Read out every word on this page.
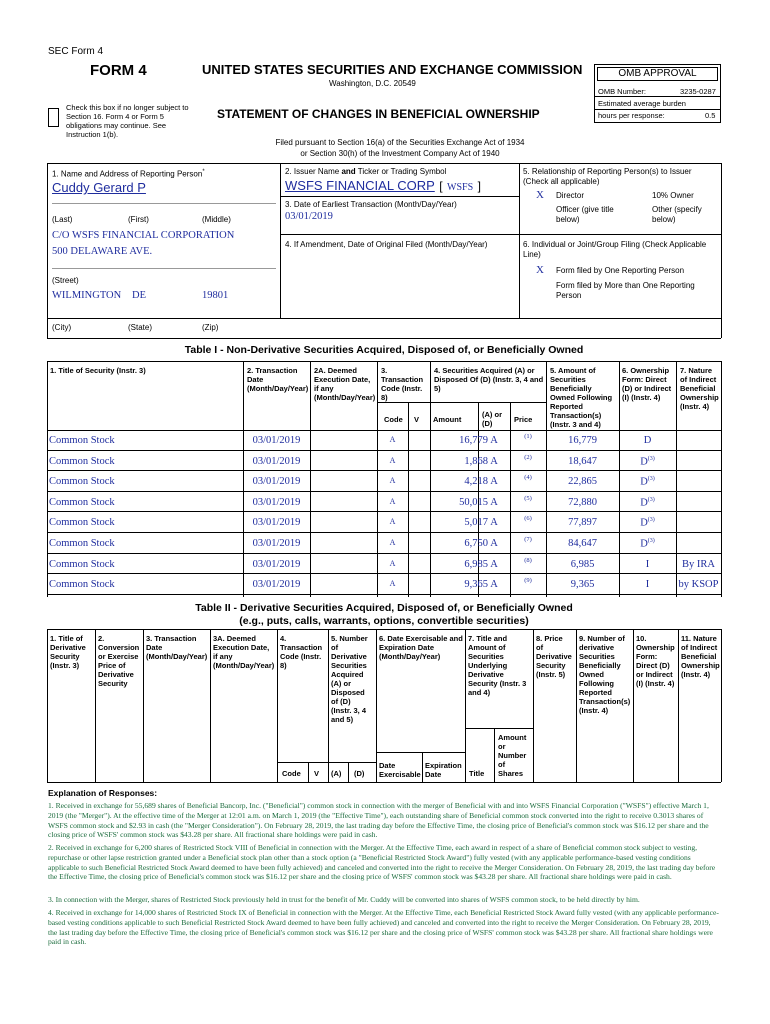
SEC Form 4
FORM 4	UNITED STATES SECURITIES AND EXCHANGE COMMISSION
Washington, D.C. 20549
Check this box if no longer subject to
Section 16. Form 4 or Form 5
obligations may continue. See
Instruction 1(b).
STATEMENT OF CHANGES IN BENEFICIAL OWNERSHIP
Filed pursuant to Section 16(a) of the Securities Exchange Act of 1934
or Section 30(h) of the Investment Company Act of 1940
OMB APPROVAL
OMB Number:	3235-0287
Estimated average burden
hours per response:	0.5
1. Name and Address of Reporting Person*
Cuddy Gerard P
(Last)	(First)	(Middle)
C/O WSFS FINANCIAL CORPORATION
500 DELAWARE AVE.
(Street)
WILMINGTON DE	19801
(City)	(State)	(Zip)
2. Issuer Name and Ticker or Trading Symbol
WSFS FINANCIAL CORP [ WSFS ]
3. Date of Earliest Transaction (Month/Day/Year)
03/01/2019
4. If Amendment, Date of Original Filed (Month/Day/Year)
5. Relationship of Reporting Person(s) to Issuer
(Check all applicable)
X Director	10% Owner
Officer (give title
below)
Other (specify
below)
6. Individual or Joint/Group Filing (Check Applicable
Line)
X Form filed by One Reporting Person
Form filed by More than One Reporting
Person
Table I - Non-Derivative Securities Acquired, Disposed of, or Beneficially Owned
1. Title of Security (Instr. 3)	2. Transaction
Date
(Month/Day/Year)
2A. Deemed
Execution Date,
if any
(Month/Day/Year)
3.
Transaction
Code (Instr.
8)
4. Securities Acquired (A) or
Disposed Of (D) (Instr. 3, 4 and
5)
5. Amount of
Securities
Beneficially
Owned Following
Reported
Transaction(s)
(Instr. 3 and 4)
6. Ownership
Form: Direct
(D) or Indirect
(I) (Instr. 4)
7. Nature
of Indirect
Beneficial
Ownership
(Instr. 4)
Code V Amount
(A) or
(D)	Price
Common Stock	03/01/2019	A	16,779 A	(1)	16,779	D
Common Stock	03/01/2019	A	1,868 A	(2)	18,647	$D^{(3)}$
Common Stock	03/01/2019	A	4,218 A	(4)	22,865	$D^{(3)}$
Common Stock	03/01/2019	A	50,015 A	(5)	72,880	$D^{(3)}$
Common Stock	03/01/2019	A	5,017 A	(6)	77,897	$D^{(3)}$
Common Stock	03/01/2019	A	6,750 A	(7)	84,647	$D^{(3)}$
Common Stock	03/01/2019	A	6,985 A	(8)	6,985	I	By IRA
Common Stock	03/01/2019	A	9,365 A	(9)	9,365	I	by KSOP
Table II - Derivative Securities Acquired, Disposed of, or Beneficially Owned
(e.g., puts, calls, warrants, options, convertible securities)
1. Title of
Derivative
Security
(Instr. 3)
2.
Conversion
or Exercise
Price of
Derivative
Security
3. Transaction
Date
(Month/Day/Year)
3A. Deemed
Execution Date,
if any
(Month/Day/Year)
4.
Transaction
Code (Instr.
8)
5. Number
of
Derivative
Securities
Acquired
(A) or
Disposed
of (D)
(Instr. 3, 4
and 5)
6. Date Exercisable and
Expiration Date
(Month/Day/Year)
7. Title and
Amount of
Securities
Underlying
Derivative
Security (Instr. 3
and 4)
8. Price
of
Derivative
Security
(Instr. 5)
9. Number of
derivative
Securities
Beneficially
Owned
Following
Reported
Transaction(s)
(Instr. 4)
10.
Ownership
Form:
Direct (D)
or Indirect
(I) (Instr. 4)
11. Nature
of Indirect
Beneficial
Ownership
(Instr. 4)
Code V (A) (D)
Date
Exercisable
Expiration
Date	Title
Amount
or
Number
of
Shares
Explanation of Responses:
1. Received in exchange for 55,689 shares of Beneficial Bancorp, Inc. ("Beneficial") common stock in connection with the merger of Beneficial with and into WSFS Financial Corporation ("WSFS") effective March 1, 2019 (the "Merger"). At the effective time of the Merger at 12:01 a.m. on March 1, 2019 (the "Effective Time"), each outstanding share of Beneficial common stock converted into the right to receive 0.3013 shares of WSFS common stock and $2.93 in cash (the "Merger Consideration"). On February 28, 2019, the last trading day before the Effective Time, the closing price of Beneficial's common stock was $16.12 per share and the closing price of WSFS' common stock was $43.28 per share. All fractional share holdings were paid in cash.
2. Received in exchange for 6,200 shares of Restricted Stock VIII of Beneficial in connection with the Merger. At the Effective Time, each award in respect of a share of Beneficial common stock subject to vesting, repurchase or other lapse restriction granted under a Beneficial stock plan other than a stock option (a "Beneficial Restricted Stock Award") fully vested (with any applicable performance-based vesting conditions applicable to such Beneficial Restricted Stock Award deemed to have been fully achieved) and canceled and converted into the right to receive the Merger Consideration. On February 28, 2019, the last trading day before the Effective Time, the closing price of Beneficial's common stock was $16.12 per share and the closing price of WSFS' common stock was $43.28 per share. All fractional share holdings were paid in cash.
3. In connection with the Merger, shares of Restricted Stock previously held in trust for the benefit of Mr. Cuddy will be converted into shares of WSFS common stock, to be held directly by him.
4. Received in exchange for 14,000 shares of Restricted Stock IX of Beneficial in connection with the Merger. At the Effective Time, each Beneficial Restricted Stock Award fully vested (with any applicable performance-based vesting conditions applicable to such Beneficial Restricted Stock Award deemed to have been fully achieved) and canceled and converted into the right to receive the Merger Consideration. On February 28, 2019, the last trading day before the Effective Time, the closing price of Beneficial's common stock was $16.12 per share and the closing price of WSFS' common stock was $43.28 per share. All fractional share holdings were paid in cash.
